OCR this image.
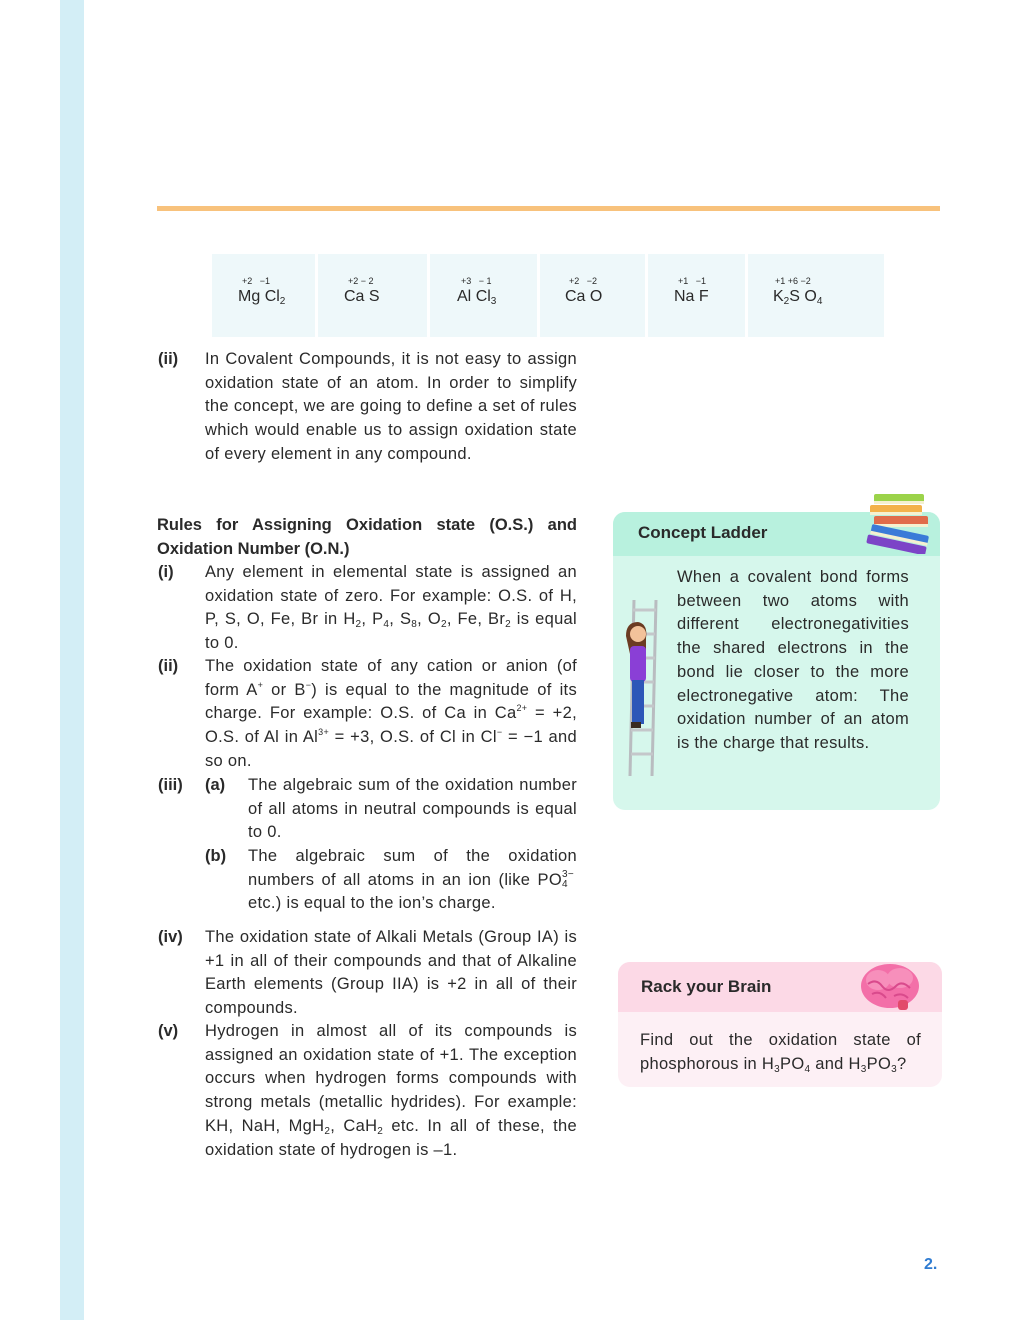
+2   −1
Mg $Cl_2$
+2 − 2
Ca S
+3   − 1
Al $Cl_3$
+2   −2
Ca O
+1   −1
Na F
+1 +6 −2
$K_2S$ $O_4$
(ii) In Covalent Compounds, it is not easy to assign oxidation state of an atom. In order to simplify the concept, we are going to define a set of rules which would enable us to assign oxidation state of every element in any compound.
Rules for Assigning Oxidation state (O.S.) and Oxidation Number (O.N.)
(i) Any element in elemental state is assigned an oxidation state of zero. For example: O.S. of H, P, S, O, Fe, Br in $H_2$, $P_4$, $S_8$, $O_2$, Fe, $Br_2$ is equal to 0.
(ii) The oxidation state of any cation or anion (of form A+ or B−) is equal to the magnitude of its charge. For example: O.S. of Ca in $Ca^{2+} = +2$, O.S. of Al in $Al^{3+} = +3$, O.S. of Cl in Cl− = −1 and so on.
(iii) (a) The algebraic sum of the oxidation number of all atoms in neutral compounds is equal to 0.
(b) The algebraic sum of the oxidation numbers of all atoms in an ion (like PO 3−
4
etc.) is equal to the ion’s charge.
(iv) The oxidation state of Alkali Metals (Group IA) is +1 in all of their compounds and that of Alkaline Earth elements (Group IIA) is +2 in all of their compounds.
(v) Hydrogen in almost all of its compounds is assigned an oxidation state of +1. The exception occurs when hydrogen forms compounds with strong metals (metallic hydrides). For example: KH, NaH, MgH$_2$, CaH$_2$ etc. In all of these, the oxidation state of hydrogen is –1.
Concept Ladder
When a covalent bond forms between two atoms with different electronegativities the shared electrons in the bond lie closer to the more electronegative atom: The oxidation number of an atom is the charge that results.
Rack your Brain
Find out the oxidation state of phosphorous in $H_3PO_4$ and $H_3PO_3$?
2.
